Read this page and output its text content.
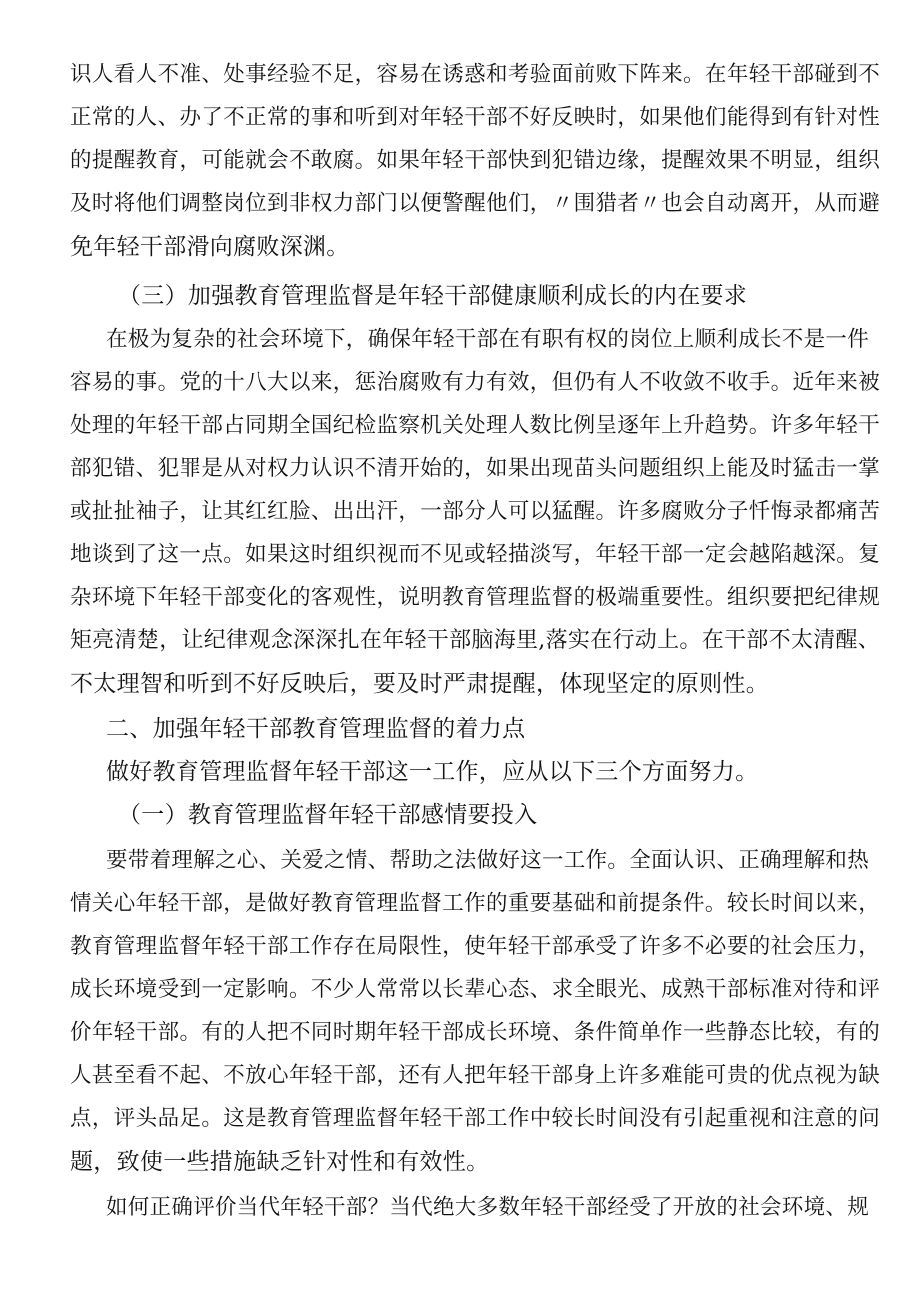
识人看人不准、处事经验不足，容易在诱惑和考验面前败下阵来。在年轻干部碰到不
正常的人、办了不正常的事和听到对年轻干部不好反映时，如果他们能得到有针对性
的提醒教育，可能就会不敢腐。如果年轻干部快到犯错边缘，提醒效果不明显，组织
及时将他们调整岗位到非权力部门以便警醒他们，〃围猎者〃也会自动离开，从而避
免年轻干部滑向腐败深渊。
（三）加强教育管理监督是年轻干部健康顺利成长的内在要求
在极为复杂的社会环境下，确保年轻干部在有职有权的岗位上顺利成长不是一件
容易的事。党的十八大以来，惩治腐败有力有效，但仍有人不收敛不收手。近年来被
处理的年轻干部占同期全国纪检监察机关处理人数比例呈逐年上升趋势。许多年轻干
部犯错、犯罪是从对权力认识不清开始的，如果出现苗头问题组织上能及时猛击一掌
或扯扯袖子，让其红红脸、出出汗，一部分人可以猛醒。许多腐败分子忏悔录都痛苦
地谈到了这一点。如果这时组织视而不见或轻描淡写，年轻干部一定会越陷越深。复
杂环境下年轻干部变化的客观性，说明教育管理监督的极端重要性。组织要把纪律规
矩亮清楚，让纪律观念深深扎在年轻干部脑海里,落实在行动上。在干部不太清醒、
不太理智和听到不好反映后，要及时严肃提醒，体现坚定的原则性。
二、加强年轻干部教育管理监督的着力点
做好教育管理监督年轻干部这一工作，应从以下三个方面努力。
（一）教育管理监督年轻干部感情要投入
要带着理解之心、关爱之情、帮助之法做好这一工作。全面认识、正确理解和热
情关心年轻干部，是做好教育管理监督工作的重要基础和前提条件。较长时间以来，
教育管理监督年轻干部工作存在局限性，使年轻干部承受了许多不必要的社会压力，
成长环境受到一定影响。不少人常常以长辈心态、求全眼光、成熟干部标准对待和评
价年轻干部。有的人把不同时期年轻干部成长环境、条件简单作一些静态比较，有的
人甚至看不起、不放心年轻干部，还有人把年轻干部身上许多难能可贵的优点视为缺
点，评头品足。这是教育管理监督年轻干部工作中较长时间没有引起重视和注意的问
题，致使一些措施缺乏针对性和有效性。
如何正确评价当代年轻干部？当代绝大多数年轻干部经受了开放的社会环境、规
